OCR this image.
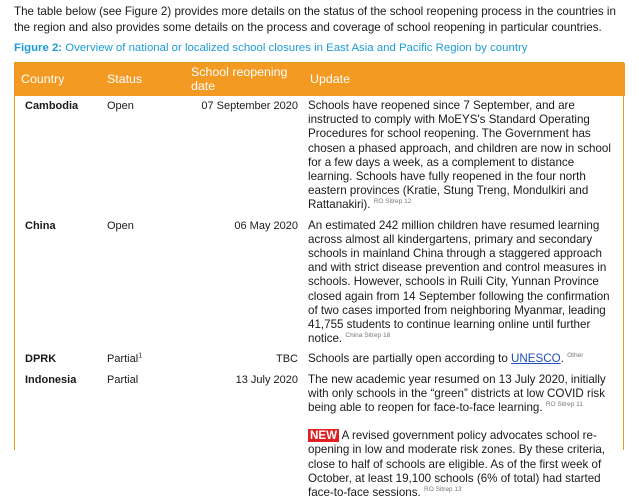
The table below (see Figure 2) provides more details on the status of the school reopening process in the countries in the region and also provides some details on the process and coverage of school reopening in particular countries.

Figure 2: Overview of national or localized school closures in East Asia and Pacific Region by country

Country	Status	School reopening date	Update
Cambodia	Open	07 September 2020	Schools have reopened since 7 September, and are instructed to comply with MoEYS's Standard Operating Procedures for school reopening. The Government has chosen a phased approach, and children are now in school for a few days a week, as a complement to distance learning. Schools have fully reopened in the four north eastern provinces (Kratie, Stung Treng, Mondulkiri and Rattanakiri). $^{RO Sitrep 12}$
China	Open	06 May 2020	An estimated 242 million children have resumed learning across almost all kindergartens, primary and secondary schools in mainland China through a staggered approach and with strict disease prevention and control measures in schools. However, schools in Ruili City, Yunnan Province closed again from 14 September following the confirmation of two cases imported from neighboring Myanmar, leading 41,755 students to continue learning online until further notice. $^{China Sitrep 18}$
DPRK	Partial$^1$	TBC	Schools are partially open according to UNESCO. $^{Other}$
Indonesia	Partial	13 July 2020	The new academic year resumed on 13 July 2020, initially with only schools in the “green” districts at low COVID risk being able to reopen for face-to-face learning. $^{RO Sitrep 11}$
NEW A revised government policy advocates school re-opening in low and moderate risk zones. By these criteria, close to half of schools are eligible. As of the first week of October, at least 19,100 schools (6% of total) had started face-to-face sessions. $^{RO Sitrep 13}$
